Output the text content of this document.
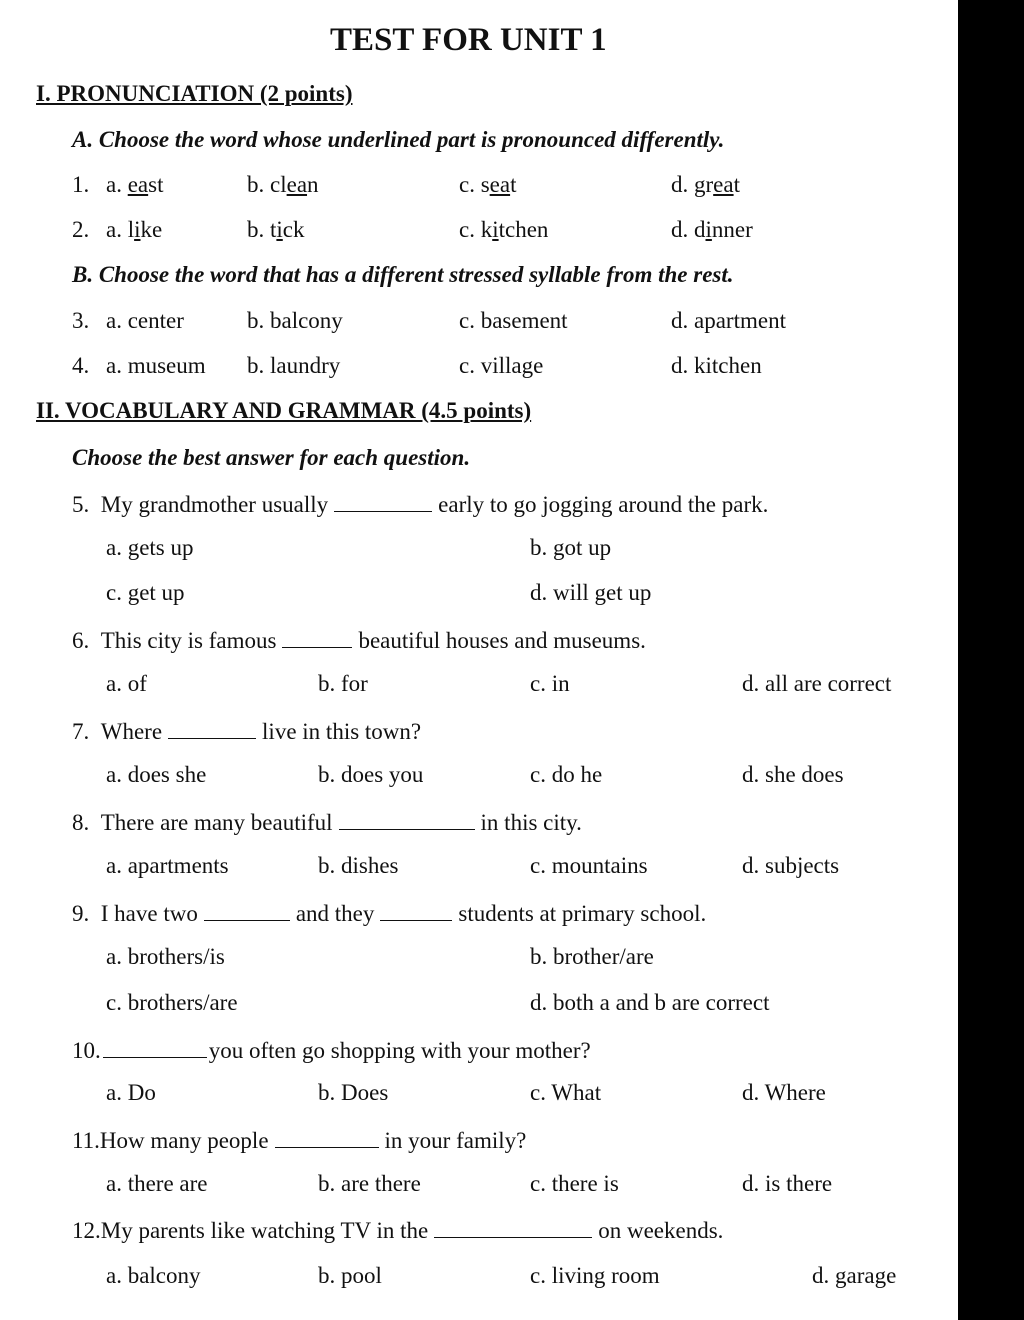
TEST FOR UNIT 1
I. PRONUNCIATION (2 points)
A. Choose the word whose underlined part is pronounced differently.
1. a. east	b. clean	c. seat	d. great
2. a. like	b. tick	c. kitchen	d. dinner
B. Choose the word that has a different stressed syllable from the rest.
3. a. center	b. balcony	c. basement	d. apartment
4. a. museum b. laundry	c. village	d. kitchen
II. VOCABULARY AND GRAMMAR (4.5 points)
Choose the best answer for each question.
5. My grandmother usually	early to go jogging around the park.
a. gets up	b. got up
c. get up	d. will get up
6. This city is famous	beautiful houses and museums.
a. of	b. for	c. in	d. all are correct
7. Where	live in this town?
a. does she	b. does you	c. do he	d. she does
8. There are many beautiful	in this city.
a. apartments	b. dishes	c. mountains	d. subjects
9. I have two	and they	students at primary school.
a. brothers/is	b. brother/are
c. brothers/are	d. both a and b are correct
10.	you often go shopping with your mother?
a. Do	b. Does	c. What	d. Where
11.How many people	in your family?
a. there are	b. are there	c. there is	d. is there
12.My parents like watching TV in the	on weekends.
a. balcony	b. pool	c. living room	d. garage
